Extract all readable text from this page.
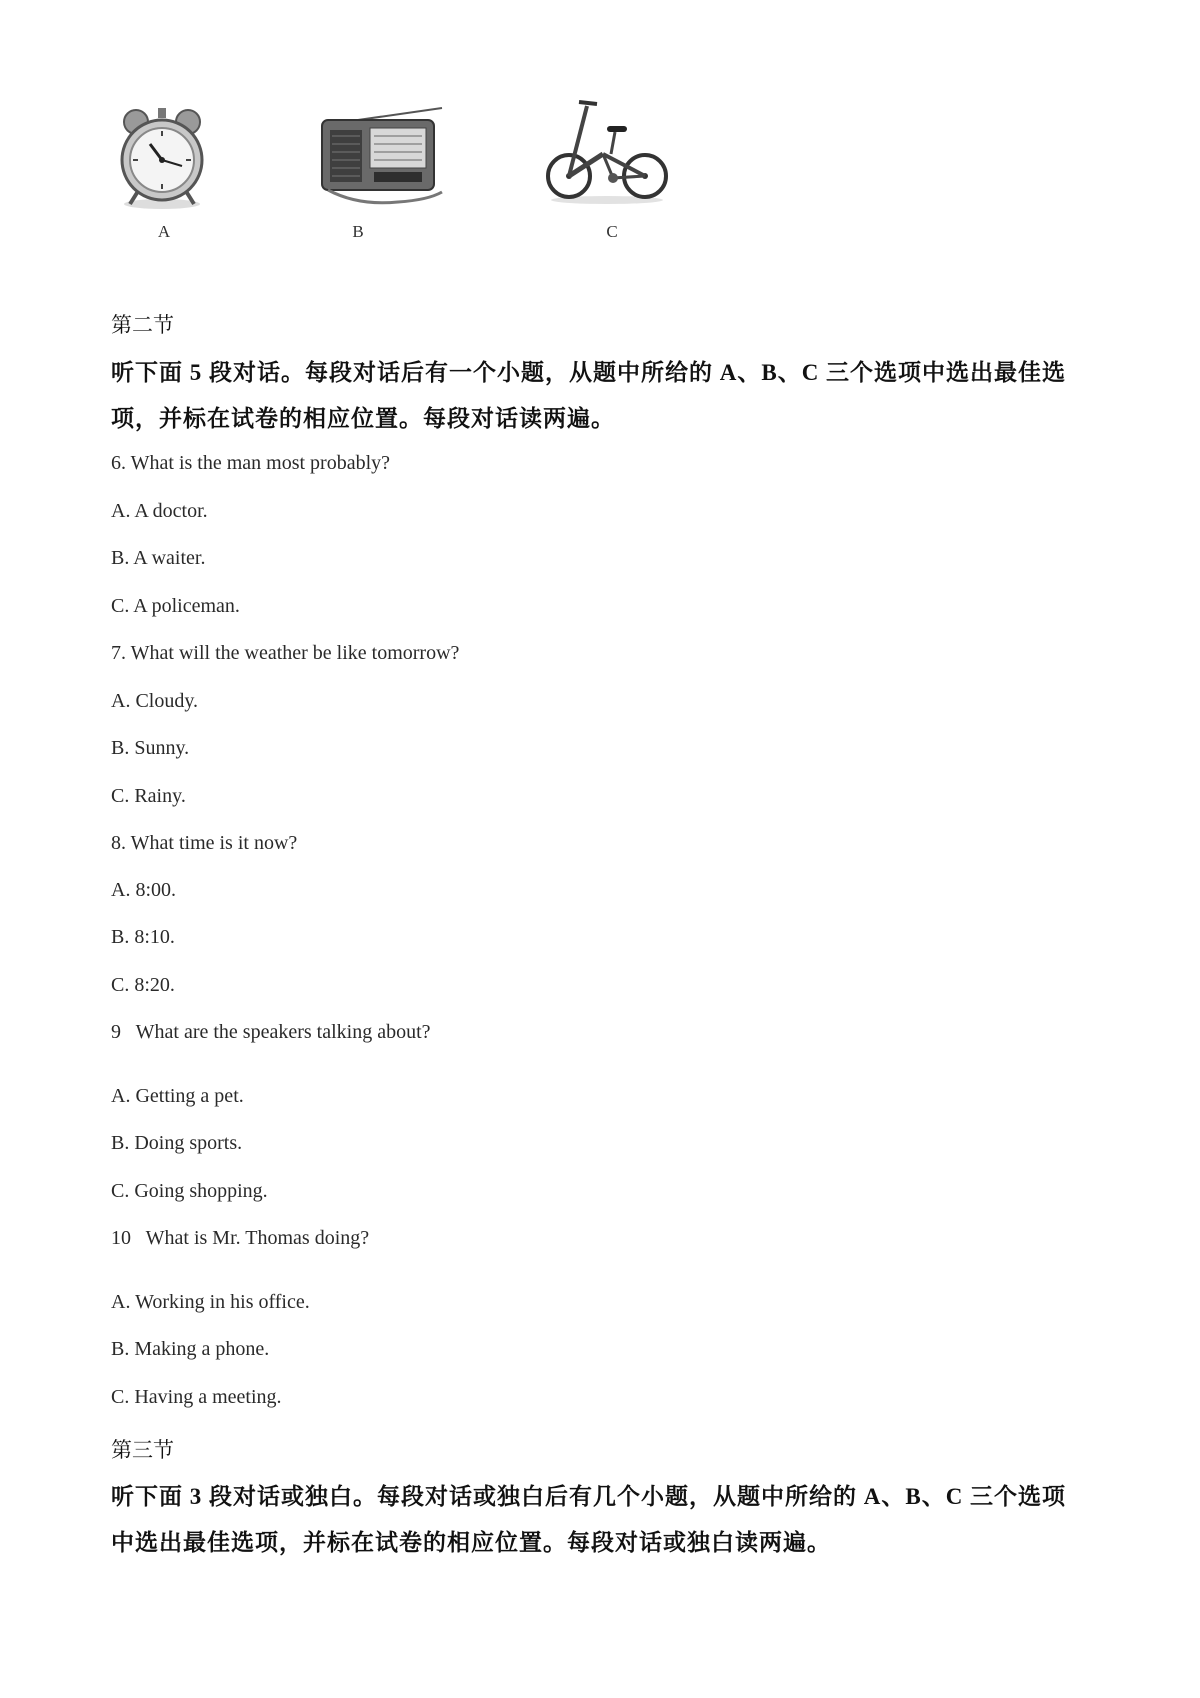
A	B	C
第二节
听下面 5 段对话。每段对话后有一个小题，从题中所给的 A、B、C 三个选项中选出最佳选
项，并标在试卷的相应位置。每段对话读两遍。
6. What is the man most probably?
A. A doctor.
B. A waiter.
C. A policeman.
7. What will the weather be like tomorrow?
A. Cloudy.
B. Sunny.
C. Rainy.
8. What time is it now?
A. 8:00.
B. 8:10.
C. 8:20.
9   What are the speakers talking about?
A. Getting a pet.
B. Doing sports.
C. Going shopping.
10   What is Mr. Thomas doing?
A. Working in his office.
B. Making a phone.
C. Having a meeting.
第三节
听下面 3 段对话或独白。每段对话或独白后有几个小题，从题中所给的 A、B、C 三个选项
中选出最佳选项，并标在试卷的相应位置。每段对话或独白读两遍。
